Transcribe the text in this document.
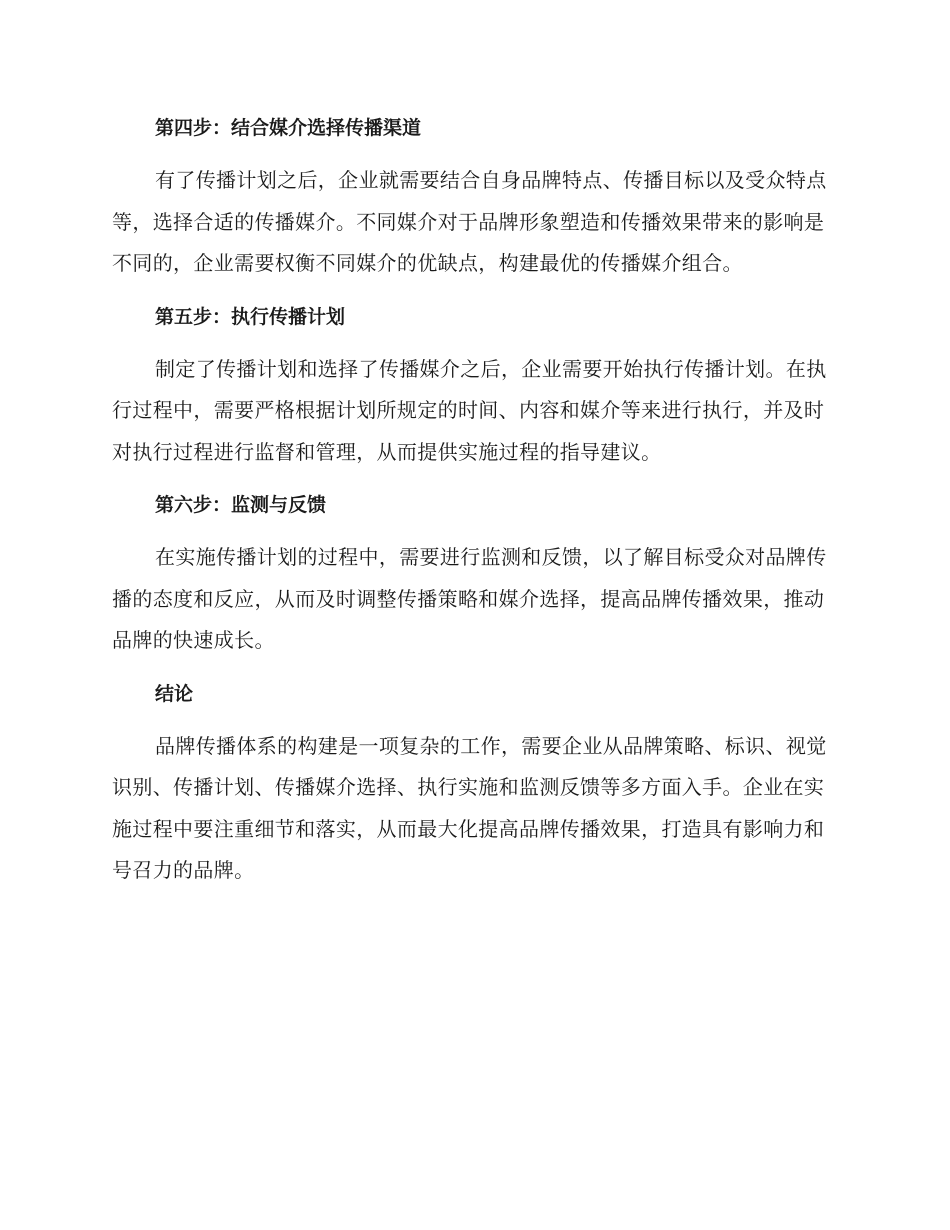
第四步：结合媒介选择传播渠道

有了传播计划之后，企业就需要结合自身品牌特点、传播目标以及受众特点等，选择合适的传播媒介。不同媒介对于品牌形象塑造和传播效果带来的影响是不同的，企业需要权衡不同媒介的优缺点，构建最优的传播媒介组合。

第五步：执行传播计划

制定了传播计划和选择了传播媒介之后，企业需要开始执行传播计划。在执行过程中，需要严格根据计划所规定的时间、内容和媒介等来进行执行，并及时对执行过程进行监督和管理，从而提供实施过程的指导建议。

第六步：监测与反馈

在实施传播计划的过程中，需要进行监测和反馈，以了解目标受众对品牌传播的态度和反应，从而及时调整传播策略和媒介选择，提高品牌传播效果，推动品牌的快速成长。

结论

品牌传播体系的构建是一项复杂的工作，需要企业从品牌策略、标识、视觉识别、传播计划、传播媒介选择、执行实施和监测反馈等多方面入手。企业在实施过程中要注重细节和落实，从而最大化提高品牌传播效果，打造具有影响力和号召力的品牌。
